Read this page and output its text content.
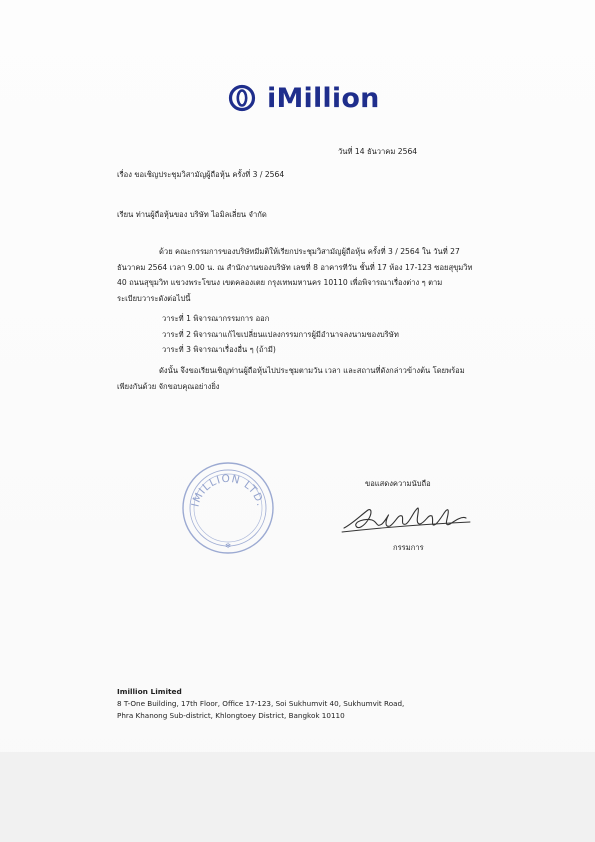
iMillion
วันที่ 14 ธันวาคม 2564
เรื่อง ขอเชิญประชุมวิสามัญผู้ถือหุ้น ครั้งที่ 3 / 2564
เรียน ท่านผู้ถือหุ้นของ บริษัท ไอมิลเลี่ยน จำกัด
ด้วย คณะกรรมการของบริษัทมีมติให้เรียกประชุมวิสามัญผู้ถือหุ้น ครั้งที่ 3 / 2564 ใน วันที่ 27 ธันวาคม 2564 เวลา 9.00 น. ณ สำนักงานของบริษัท เลขที่ 8 อาคารทีวัน ชั้นที่ 17 ห้อง 17-123 ซอยสุขุมวิท 40 ถนนสุขุมวิท แขวงพระโขนง เขตคลองเตย กรุงเทพมหานคร 10110 เพื่อพิจารณาเรื่องต่าง ๆ ตามระเบียบวาระดังต่อไปนี้
วาระที่ 1 พิจารณากรรมการ ออก
วาระที่ 2 พิจารณาแก้ไขเปลี่ยนแปลงกรรมการผู้มีอำนาจลงนามของบริษัท
วาระที่ 3 พิจารณาเรื่องอื่น ๆ (ถ้ามี)
ดังนั้น จึงขอเรียนเชิญท่านผู้ถือหุ้นไปประชุมตามวัน เวลา และสถานที่ดังกล่าวข้างต้น โดยพร้อมเพียงกันด้วย จักขอบคุณอย่างยิ่ง
IMILLION LTD.
✻
ขอแสดงความนับถือ
กรรมการ
Imillion Limited
8 T-One Building, 17th Floor, Office 17-123, Soi Sukhumvit 40, Sukhumvit Road,
Phra Khanong Sub-district, Khlongtoey District, Bangkok 10110
